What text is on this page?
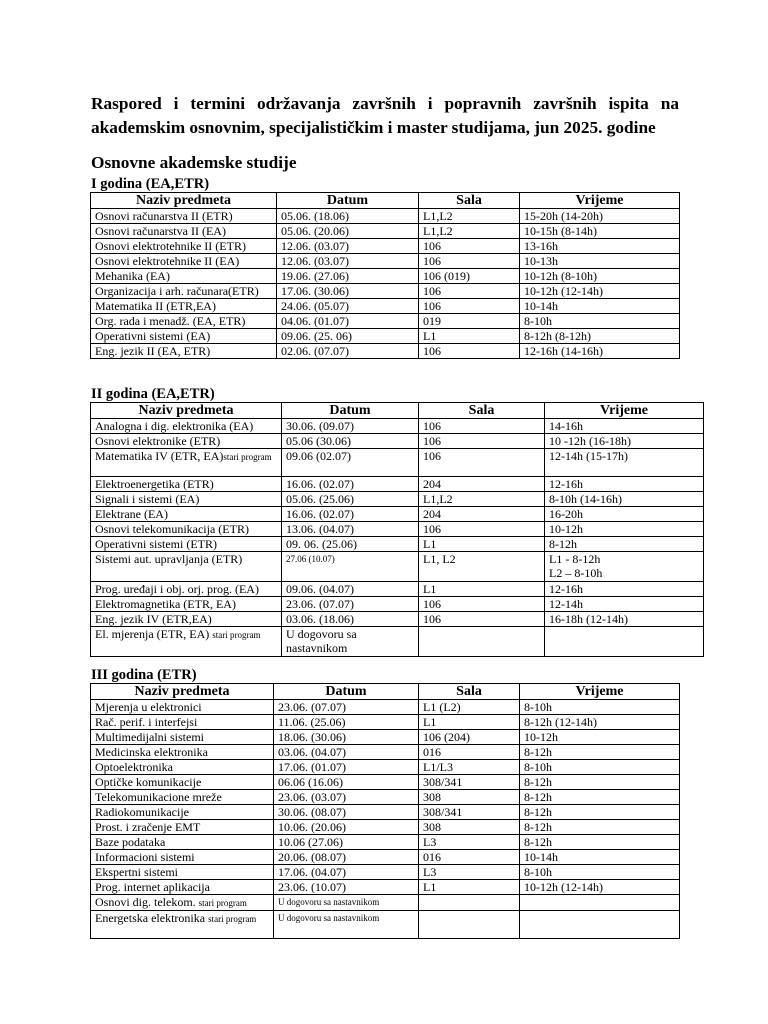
Raspored i termini održavanja završnih i popravnih završnih ispita na akademskim osnovnim, specijalističkim i master studijama, jun 2025. godine
Osnovne akademske studije
I godina (EA,ETR)
Naziv predmeta	Datum	Sala	Vrijeme
Osnovi računarstva II (ETR)	05.06. (18.06)	L1,L2	15-20h (14-20h)
Osnovi računarstva II (EA)	05.06. (20.06)	L1,L2	10-15h (8-14h)
Osnovi elektrotehnike II (ETR)	12.06. (03.07)	106	13-16h
Osnovi elektrotehnike II (EA)	12.06. (03.07)	106	10-13h
Mehanika (EA)	19.06. (27.06)	106 (019)	10-12h (8-10h)
Organizacija i arh. računara(ETR)	17.06. (30.06)	106	10-12h (12-14h)
Matematika II (ETR,EA)	24.06. (05.07)	106	10-14h
Org. rada i menadž. (EA, ETR)	04.06. (01.07)	019	8-10h
Operativni sistemi (EA)	09.06. (25. 06)	L1	8-12h (8-12h)
Eng. jezik II (EA, ETR)	02.06. (07.07)	106	12-16h (14-16h)
II godina (EA,ETR)
Naziv predmeta	Datum	Sala	Vrijeme
Analogna i dig. elektronika (EA)	30.06. (09.07)	106	14-16h
Osnovi elektronike (ETR)	05.06 (30.06)	106	10 -12h (16-18h)
Matematika IV (ETR, EA)stari program	09.06 (02.07)	106	12-14h (15-17h)
Elektroenergetika (ETR)	16.06. (02.07)	204	12-16h
Signali i sistemi (EA)	05.06. (25.06)	L1,L2	8-10h (14-16h)
Elektrane (EA)	16.06. (02.07)	204	16-20h
Osnovi telekomunikacija (ETR)	13.06. (04.07)	106	10-12h
Operativni sistemi (ETR)	09. 06. (25.06)	L1	8-12h
Sistemi aut. upravljanja (ETR)	27.06 (10.07)	L1, L2	L1 - 8-12h
L2 – 8-10h

Prog. uređaji i obj. orj. prog. (EA)	09.06. (04.07)	L1	12-16h
Elektromagnetika (ETR, EA)	23.06. (07.07)	106	12-14h
Eng. jezik IV (ETR,EA)	03.06. (18.06)	106	16-18h (12-14h)
El. mjerenja (ETR, EA) stari program	U dogovoru sa
nastavnikom		

III godina (ETR)
Naziv predmeta	Datum	Sala	Vrijeme
Mjerenja u elektronici	23.06. (07.07)	L1 (L2)	8-10h
Rač. perif. i interfejsi	11.06. (25.06)	L1	8-12h (12-14h)
Multimedijalni sistemi	18.06. (30.06)	106 (204)	10-12h
Medicinska elektronika	03.06. (04.07)	016	8-12h
Optoelektronika	17.06. (01.07)	L1/L3	8-10h
Optičke komunikacije	06.06 (16.06)	308/341	8-12h
Telekomunikacione mreže	23.06. (03.07)	308	8-12h
Radiokomunikacije	30.06. (08.07)	308/341	8-12h
Prost. i zračenje EMT	10.06. (20.06)	308	8-12h
Baze podataka	10.06 (27.06)	L3	8-12h
Informacioni sistemi	20.06. (08.07)	016	10-14h
Ekspertni sistemi	17.06. (04.07)	L3	8-10h
Prog. internet aplikacija	23.06. (10.07)	L1	10-12h (12-14h)
Osnovi dig. telekom. stari program	U dogovoru sa nastavnikom		
Energetska elektronika stari program	U dogovoru sa nastavnikom		
